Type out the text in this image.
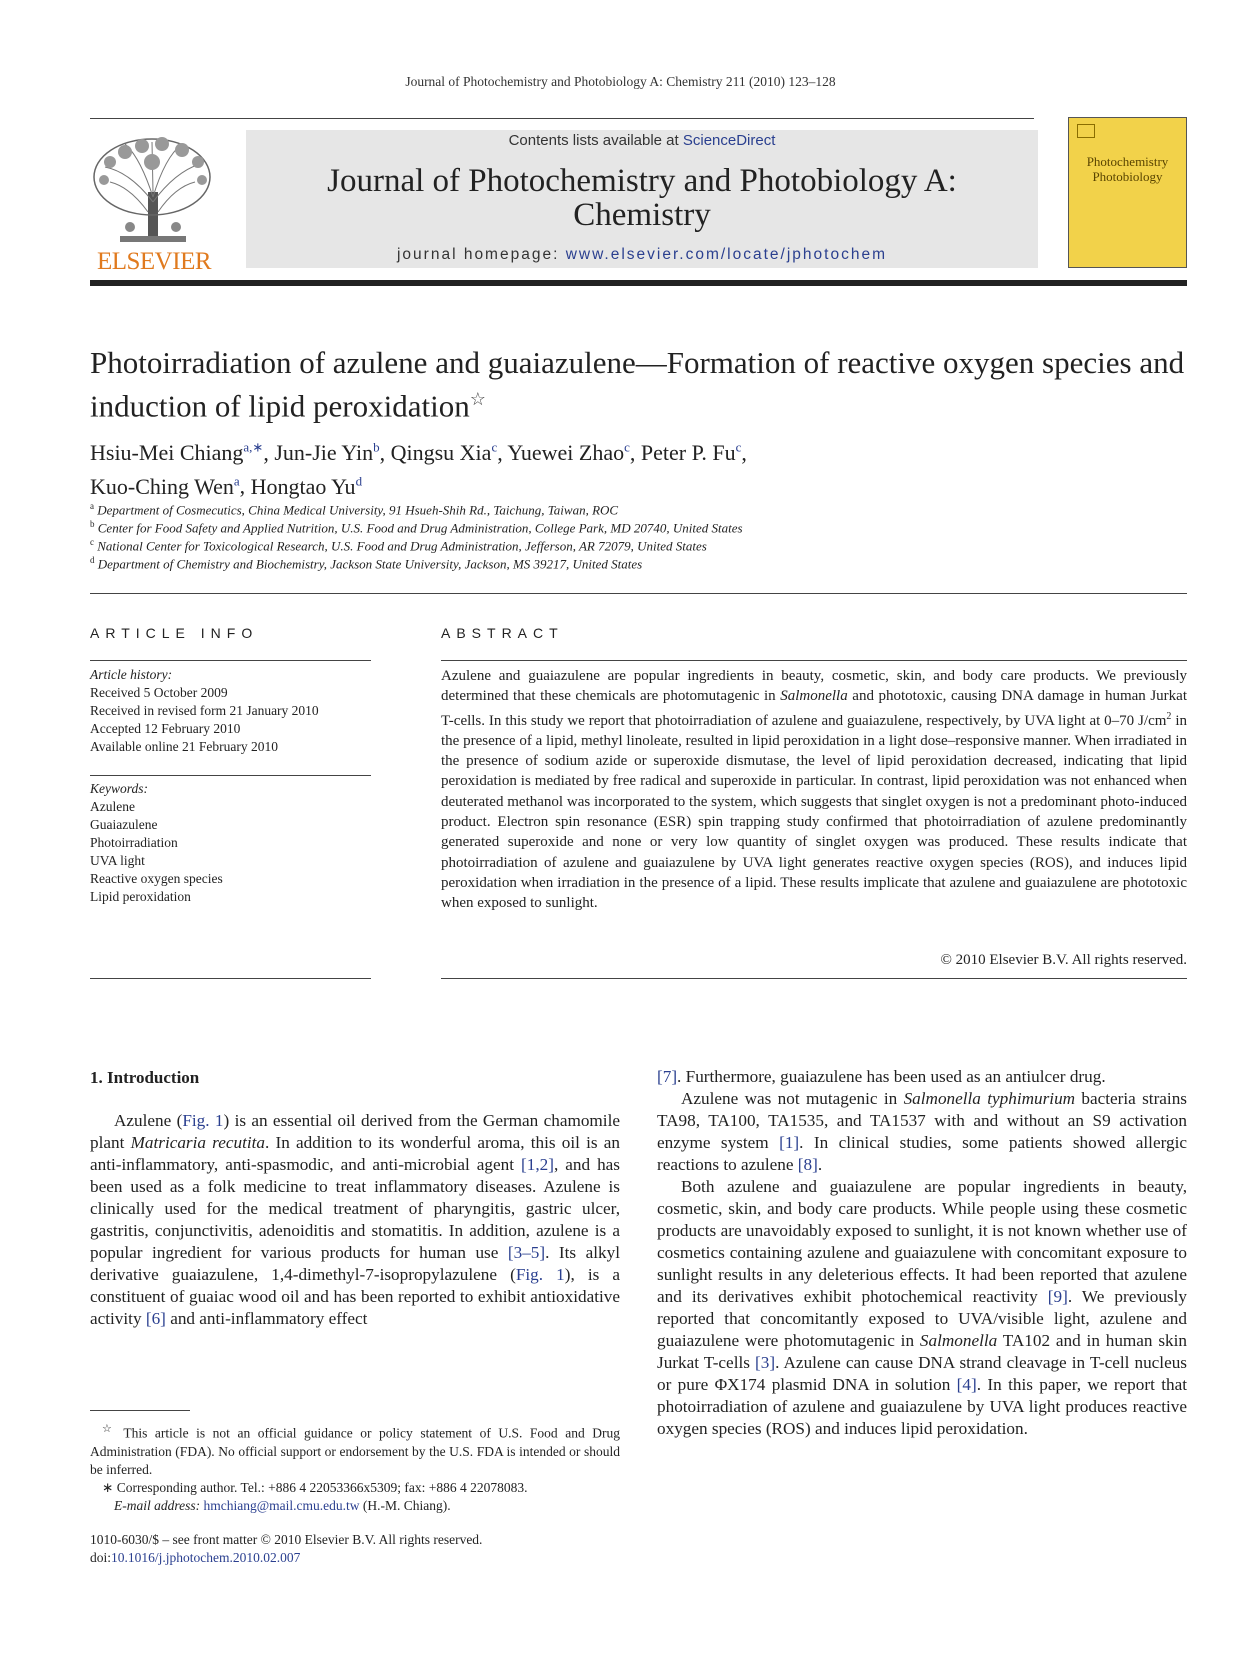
Journal of Photochemistry and Photobiology A: Chemistry 211 (2010) 123–128
ELSEVIER
Contents lists available at ScienceDirect
Journal of Photochemistry and Photobiology A: Chemistry
journal homepage: www.elsevier.com/locate/jphotochem
Photochemistry
Photobiology
Photoirradiation of azulene and guaiazulene—Formation of reactive oxygen species and induction of lipid peroxidation☆
Hsiu-Mei Chiang$^{a,∗}$, Jun-Jie Yin$^b$, Qingsu Xia$^c$, Yuewei Zhao$^c$, Peter P. Fu$^c$,
Kuo-Ching Wen$^a$, Hongtao Yu$^d$
$^a$ Department of Cosmecutics, China Medical University, 91 Hsueh-Shih Rd., Taichung, Taiwan, ROC
$^b$ Center for Food Safety and Applied Nutrition, U.S. Food and Drug Administration, College Park, MD 20740, United States
$^c$ National Center for Toxicological Research, U.S. Food and Drug Administration, Jefferson, AR 72079, United States
$^d$ Department of Chemistry and Biochemistry, Jackson State University, Jackson, MS 39217, United States
ARTICLE INFO
Article history:
Received 5 October 2009
Received in revised form 21 January 2010
Accepted 12 February 2010
Available online 21 February 2010
Keywords:
Azulene
Guaiazulene
Photoirradiation
UVA light
Reactive oxygen species
Lipid peroxidation
ABSTRACT
Azulene and guaiazulene are popular ingredients in beauty, cosmetic, skin, and body care products. We previously determined that these chemicals are photomutagenic in Salmonella and phototoxic, causing DNA damage in human Jurkat T-cells. In this study we report that photoirradiation of azulene and guaiazulene, respectively, by UVA light at 0–70 $J/cm^2$ in the presence of a lipid, methyl linoleate, resulted in lipid peroxidation in a light dose–responsive manner. When irradiated in the presence of sodium azide or superoxide dismutase, the level of lipid peroxidation decreased, indicating that lipid peroxidation is mediated by free radical and superoxide in particular. In contrast, lipid peroxidation was not enhanced when deuterated methanol was incorporated to the system, which suggests that singlet oxygen is not a predominant photo-induced product. Electron spin resonance (ESR) spin trapping study confirmed that photoirradiation of azulene predominantly generated superoxide and none or very low quantity of singlet oxygen was produced. These results indicate that photoirradiation of azulene and guaiazulene by UVA light generates reactive oxygen species (ROS), and induces lipid peroxidation when irradiation in the presence of a lipid. These results implicate that azulene and guaiazulene are phototoxic when exposed to sunlight.
© 2010 Elsevier B.V. All rights reserved.
1. Introduction

Azulene (Fig. 1) is an essential oil derived from the German chamomile plant Matricaria recutita. In addition to its wonderful aroma, this oil is an anti-inflammatory, anti-spasmodic, and anti-microbial agent [1,2], and has been used as a folk medicine to treat inflammatory diseases. Azulene is clinically used for the medical treatment of pharyngitis, gastric ulcer, gastritis, conjunctivitis, adenoiditis and stomatitis. In addition, azulene is a popular ingredient for various products for human use [3–5]. Its alkyl derivative guaiazulene, 1,4-dimethyl-7-isopropylazulene (Fig. 1), is a constituent of guaiac wood oil and has been reported to exhibit antioxidative activity [6] and anti-inflammatory effect

[7]. Furthermore, guaiazulene has been used as an antiulcer drug.

Azulene was not mutagenic in Salmonella typhimurium bacteria strains TA98, TA100, TA1535, and TA1537 with and without an S9 activation enzyme system [1]. In clinical studies, some patients showed allergic reactions to azulene [8].

Both azulene and guaiazulene are popular ingredients in beauty, cosmetic, skin, and body care products. While people using these cosmetic products are unavoidably exposed to sunlight, it is not known whether use of cosmetics containing azulene and guaiazulene with concomitant exposure to sunlight results in any deleterious effects. It had been reported that azulene and its derivatives exhibit photochemical reactivity [9]. We previously reported that concomitantly exposed to UVA/visible light, azulene and guaiazulene were photomutagenic in Salmonella TA102 and in human skin Jurkat T-cells [3]. Azulene can cause DNA strand cleavage in T-cell nucleus or pure ΦX174 plasmid DNA in solution [4]. In this paper, we report that photoirradiation of azulene and guaiazulene by UVA light produces reactive oxygen species (ROS) and induces lipid peroxidation.

☆ This article is not an official guidance or policy statement of U.S. Food and Drug Administration (FDA). No official support or endorsement by the U.S. FDA is intended or should be inferred.
∗ Corresponding author. Tel.: +886 4 22053366x5309; fax: +886 4 22078083.
E-mail address: hmchiang@mail.cmu.edu.tw (H.-M. Chiang).
1010-6030/$ – see front matter © 2010 Elsevier B.V. All rights reserved.
doi:10.1016/j.jphotochem.2010.02.007
